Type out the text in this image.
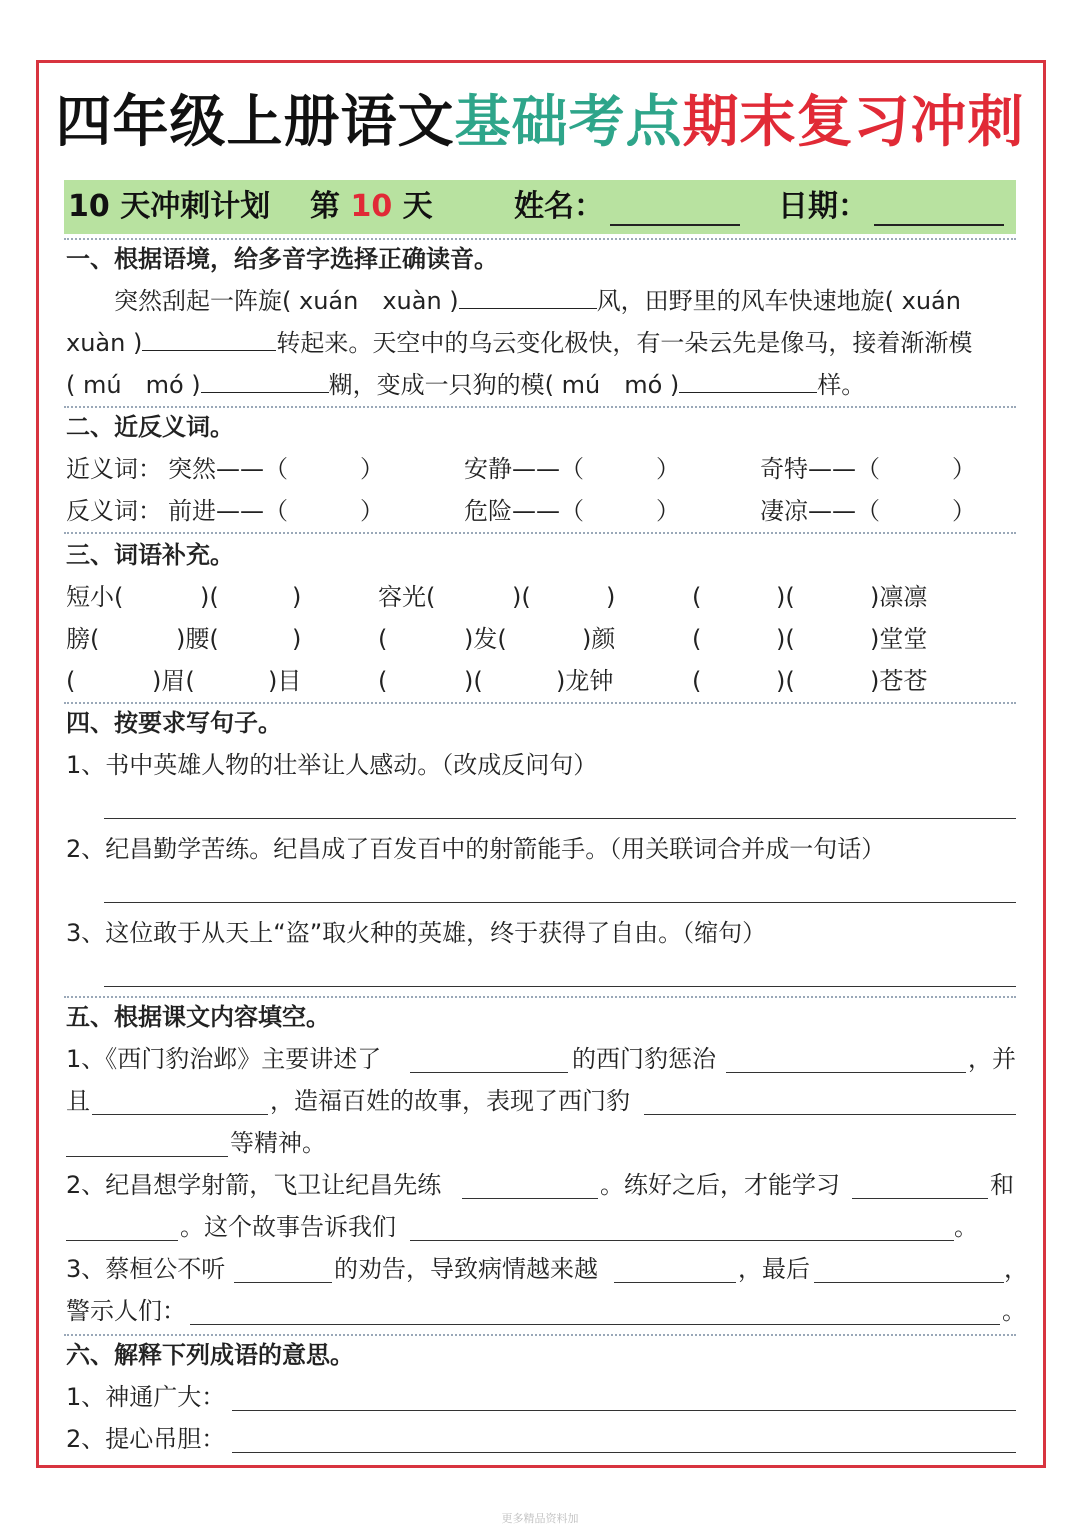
四年级上册语文基础考点期末复习冲刺
10 天冲刺计划 第 10 天	姓名：	日期：
一、根据语境，给多音字选择正确读音。
突然刮起一阵旋( xuán　xuàn )	风，田野里的风车快速地旋( xuán
xuàn )	转起来。天空中的乌云变化极快，有一朵云先是像马，接着渐渐模
( mú　mó )	糊，变成一只狗的模( mú　mó )	样。
二、近反义词。
近义词： 突然——（　　　）	安静——（　　　）	奇特——（　　　）
反义词： 前进——（　　　）	危险——（　　　）	凄凉——（　　　）
三、词语补充。
短小(	)(	)	容光(	)(	)	(	)(	)凛凛
膀(	)腰(	)	(	)发(	)颜	(	)(	)堂堂
(	)眉(	)目	(	)(	)龙钟	(	)(	)苍苍
四、按要求写句子。
1、书中英雄人物的壮举让人感动。（改成反问句）
2、纪昌勤学苦练。纪昌成了百发百中的射箭能手。（用关联词合并成一句话）
3、这位敢于从天上“盗”取火种的英雄，终于获得了自由。（缩句）
五、根据课文内容填空。
1、《西门豹治邺》主要讲述了	的西门豹惩治	，并
且	，造福百姓的故事，表现了西门豹
等精神。
2、纪昌想学射箭，飞卫让纪昌先练	。练好之后，才能学习	和
。这个故事告诉我们	。
3、蔡桓公不听	的劝告，导致病情越来越	，最后	，
警示人们：	。
六、解释下列成语的意思。
1、神通广大：
2、提心吊胆：
更多精品资料加
